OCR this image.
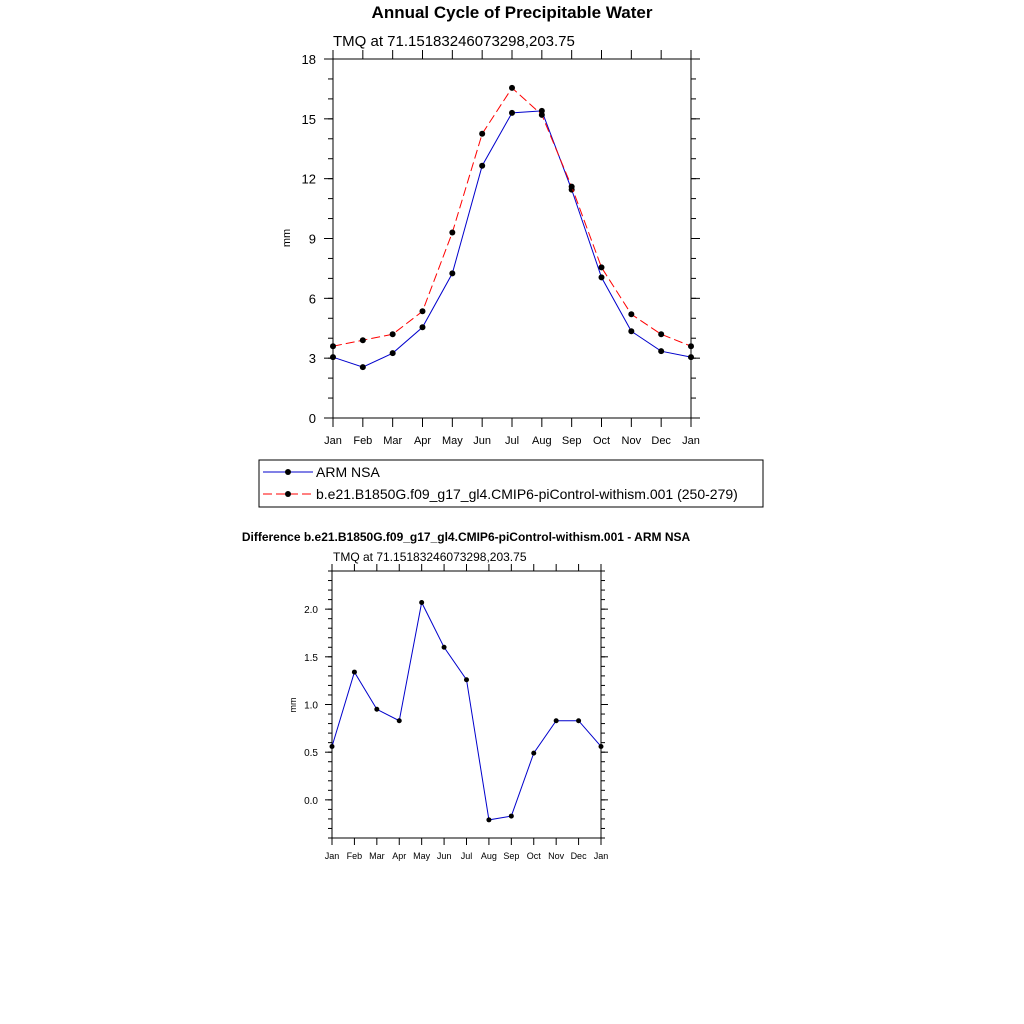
Annual Cycle of Precipitable Water
TMQ at 71.15183246073298,203.75
Jan Feb Mar Apr May Jun Jul Aug Sep Oct Nov Dec Jan
0
3
6
9
12
15
18
mm
ARM NSA
b.e21.B1850G.f09_g17_gl4.CMIP6-piControl-withism.001 (250-279)
Difference b.e21.B1850G.f09_g17_gl4.CMIP6-piControl-withism.001 - ARM NSA
TMQ at 71.15183246073298,203.75
Jan Feb Mar Apr May Jun Jul Aug Sep Oct Nov Dec Jan
0.0
0.5
1.0
1.5
2.0
mm
